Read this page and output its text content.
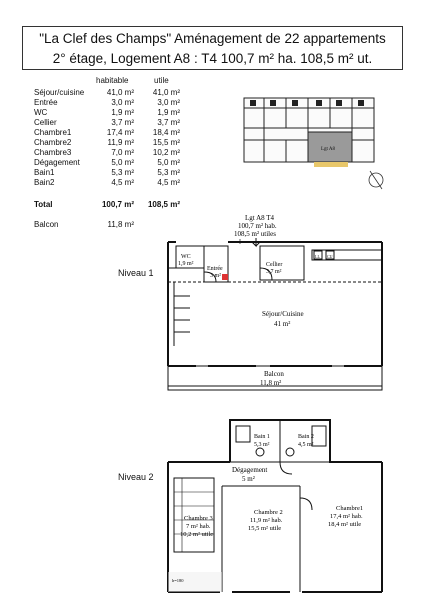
"La Clef des Champs" Aménagement de 22 appartements
2° étage, Logement A8 : T4 100,7 m² ha. 108,5 m² ut.
habitable	utile
Séjour/cuisine	41,0 m² 41,0 m²
Entrée	3,0 m²	3,0 m²
WC	1,9 m²	1,9 m²
Cellier	3,7 m²	3,7 m²
Chambre1	17,4 m² 18,4 m²
Chambre2	11,9 m² 15,5 m²
Chambre3	7,0 m² 10,2 m²
Dégagement	5,0 m²	5,0 m²
Bain1	5,3 m²	5,3 m²
Bain2	4,5 m²	4,5 m²
Total	100,7 m² 108,5 m²
Balcon	11,8 m²
Lgt A8
Lgt A8 T4
100,7 m² hab.
108,5 m² utiles
Niveau 1
Niveau 2
WC
1,9 m²
Entrée
3 m²
Cellier
3,7 m²
LL CU
Séjour/Cuisine
41 m²
Balcon
11,8 m²
Bain 1
5,3 m²
Bain 2
4,5 m²
Dégagement
5 m²
Chambre 3
7 m² hab.
10,2 m² utile
Chambre 2
11,9 m² hab.
15,5 m² utile
Chambre1
17,4 m² hab.
18,4 m² utile
h=180
